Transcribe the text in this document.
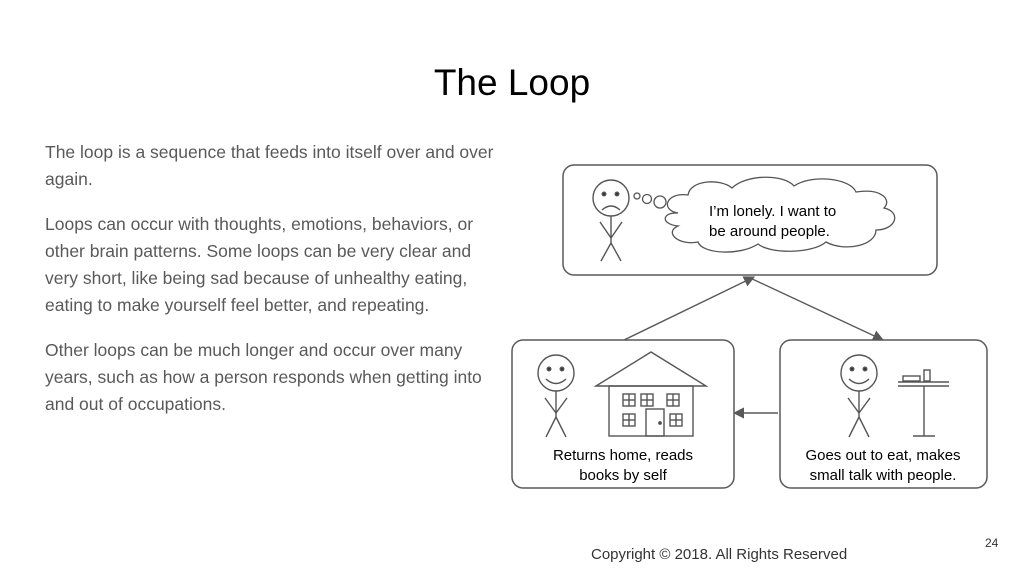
The Loop

The loop is a sequence that feeds into itself over and over again.

Loops can occur with thoughts, emotions, behaviors, or other brain patterns. Some loops can be very clear and very short, like being sad because of unhealthy eating, eating to make yourself feel better, and repeating.

Other loops can be much longer and occur over many years, such as how a person responds when getting into and out of occupations.

I’m lonely. I want to
be around people.
Returns home, reads
books by self
Goes out to eat, makes
small talk with people.
Copyright © 2018. All Rights Reserved
24
